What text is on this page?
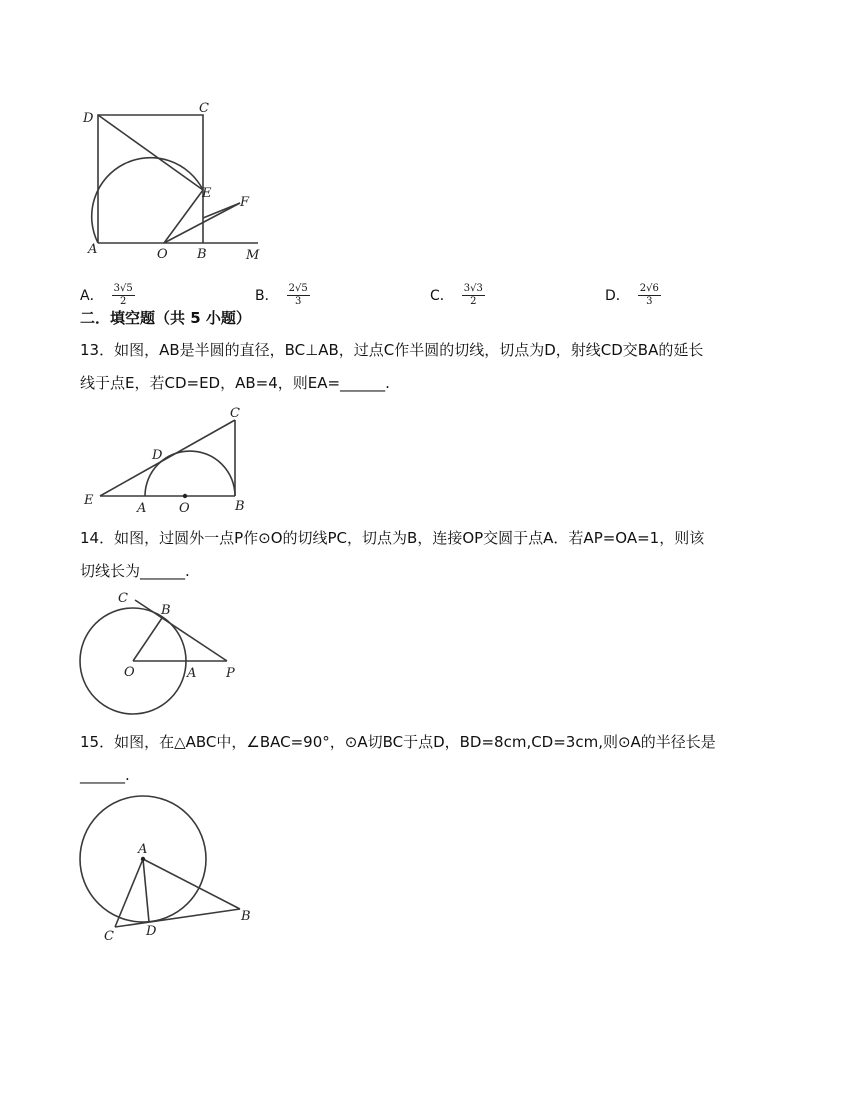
D
C
E
F
A	O B	M
A． $\frac{3√5}{2}$	B． $\frac{2√5}{3}$	C． $\frac{3√3}{2}$	D． $\frac{2√6}{3}$
二．填空题（共 5 小题）
13．如图，AB是半圆的直径，BC⊥AB，过点C作半圆的切线，切点为D，射线CD交BA的延长
线于点E，若CD=ED，AB=4，则EA=______.
C
D
E
A	O	B
14．如图，过圆外一点P作⊙O的切线PC，切点为B，连接OP交圆于点A．若AP=OA=1，则该
切线长为______.
C
B
O	A P
15．如图，在△ABC中，∠BAC=90°，⊙A切BC于点D，BD=8cm,CD=3cm,则⊙A的半径长是
______.
A
B
C D
